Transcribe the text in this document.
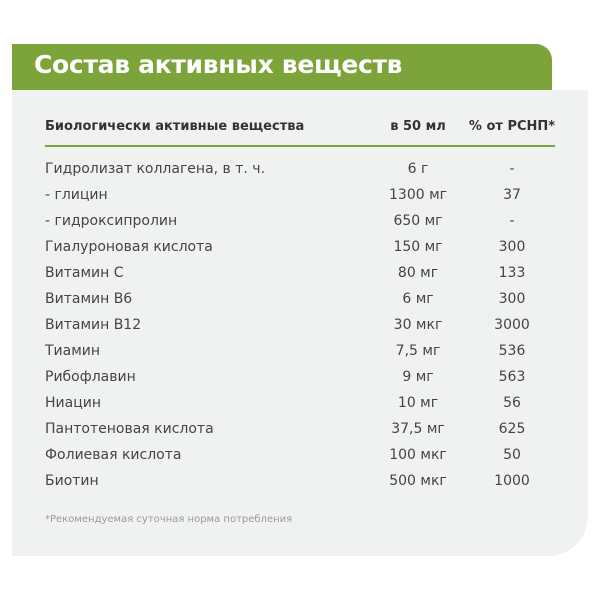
Состав активных веществ
Биологически активные вещества	в 50 мл	% от РСНП*
Гидролизат коллагена, в т. ч.	6 г	-
- глицин	1300 мг	37
- гидроксипролин	650 мг	-
Гиалуроновая кислота	150 мг	300
Витамин С	80 мг	133
Витамин В6	6 мг	300
Витамин В12	30 мкг	3000
Тиамин	7,5 мг	536
Рибофлавин	9 мг	563
Ниацин	10 мг	56
Пантотеновая кислота	37,5 мг	625
Фолиевая кислота	100 мкг	50
Биотин	500 мкг	1000
*Рекомендуемая суточная норма потребления
